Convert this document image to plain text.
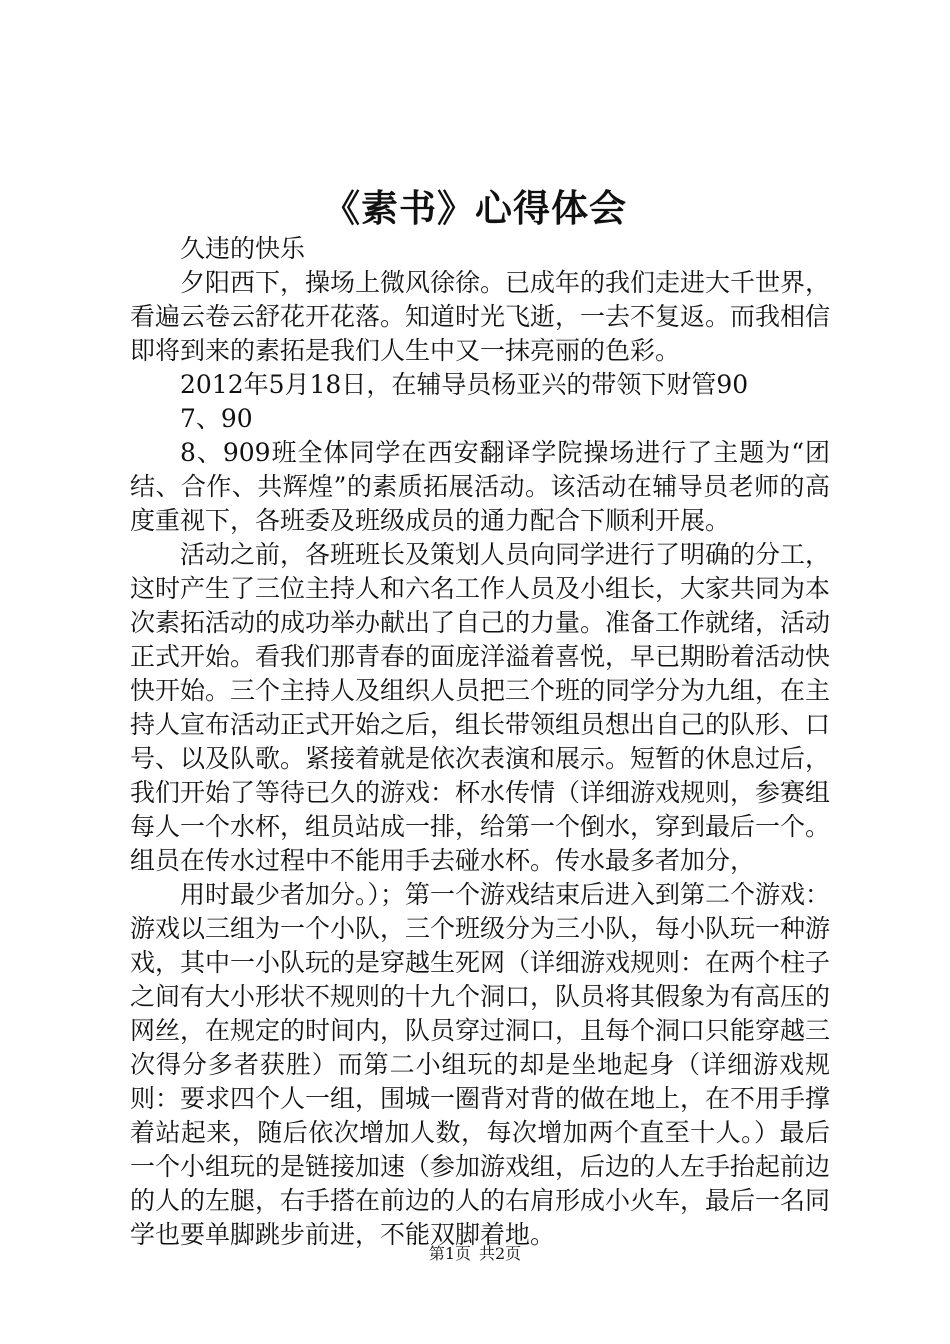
《素书》心得体会

久违的快乐

夕阳西下，操场上微风徐徐。已成年的我们走进大千世界，看遍云卷云舒花开花落。知道时光飞逝，一去不复返。而我相信即将到来的素拓是我们人生中又一抹亮丽的色彩。

2012年5月18日，在辅导员杨亚兴的带领下财管90

7、90

8、909班全体同学在西安翻译学院操场进行了主题为“团结、合作、共辉煌”的素质拓展活动。该活动在辅导员老师的高度重视下，各班委及班级成员的通力配合下顺利开展。

活动之前，各班班长及策划人员向同学进行了明确的分工，这时产生了三位主持人和六名工作人员及小组长，大家共同为本次素拓活动的成功举办献出了自己的力量。准备工作就绪，活动正式开始。看我们那青春的面庞洋溢着喜悦，早已期盼着活动快快开始。三个主持人及组织人员把三个班的同学分为九组，在主持人宣布活动正式开始之后，组长带领组员想出自己的队形、口号、以及队歌。紧接着就是依次表演和展示。短暂的休息过后，我们开始了等待已久的游戏：杯水传情（详细游戏规则，参赛组每人一个水杯，组员站成一排，给第一个倒水，穿到最后一个。组员在传水过程中不能用手去碰水杯。传水最多者加分，

用时最少者加分。）；第一个游戏结束后进入到第二个游戏：游戏以三组为一个小队，三个班级分为三小队，每小队玩一种游戏，其中一小队玩的是穿越生死网（详细游戏规则：在两个柱子之间有大小形状不规则的十九个洞口，队员将其假象为有高压的网丝，在规定的时间内，队员穿过洞口，且每个洞口只能穿越三次得分多者获胜）而第二小组玩的却是坐地起身（详细游戏规则：要求四个人一组，围城一圈背对背的做在地上，在不用手撑着站起来，随后依次增加人数，每次增加两个直至十人。）最后一个小组玩的是链接加速（参加游戏组，后边的人左手抬起前边的人的左腿，右手搭在前边的人的右肩形成小火车，最后一名同学也要单脚跳步前进，不能双脚着地。

第1页 共2页
